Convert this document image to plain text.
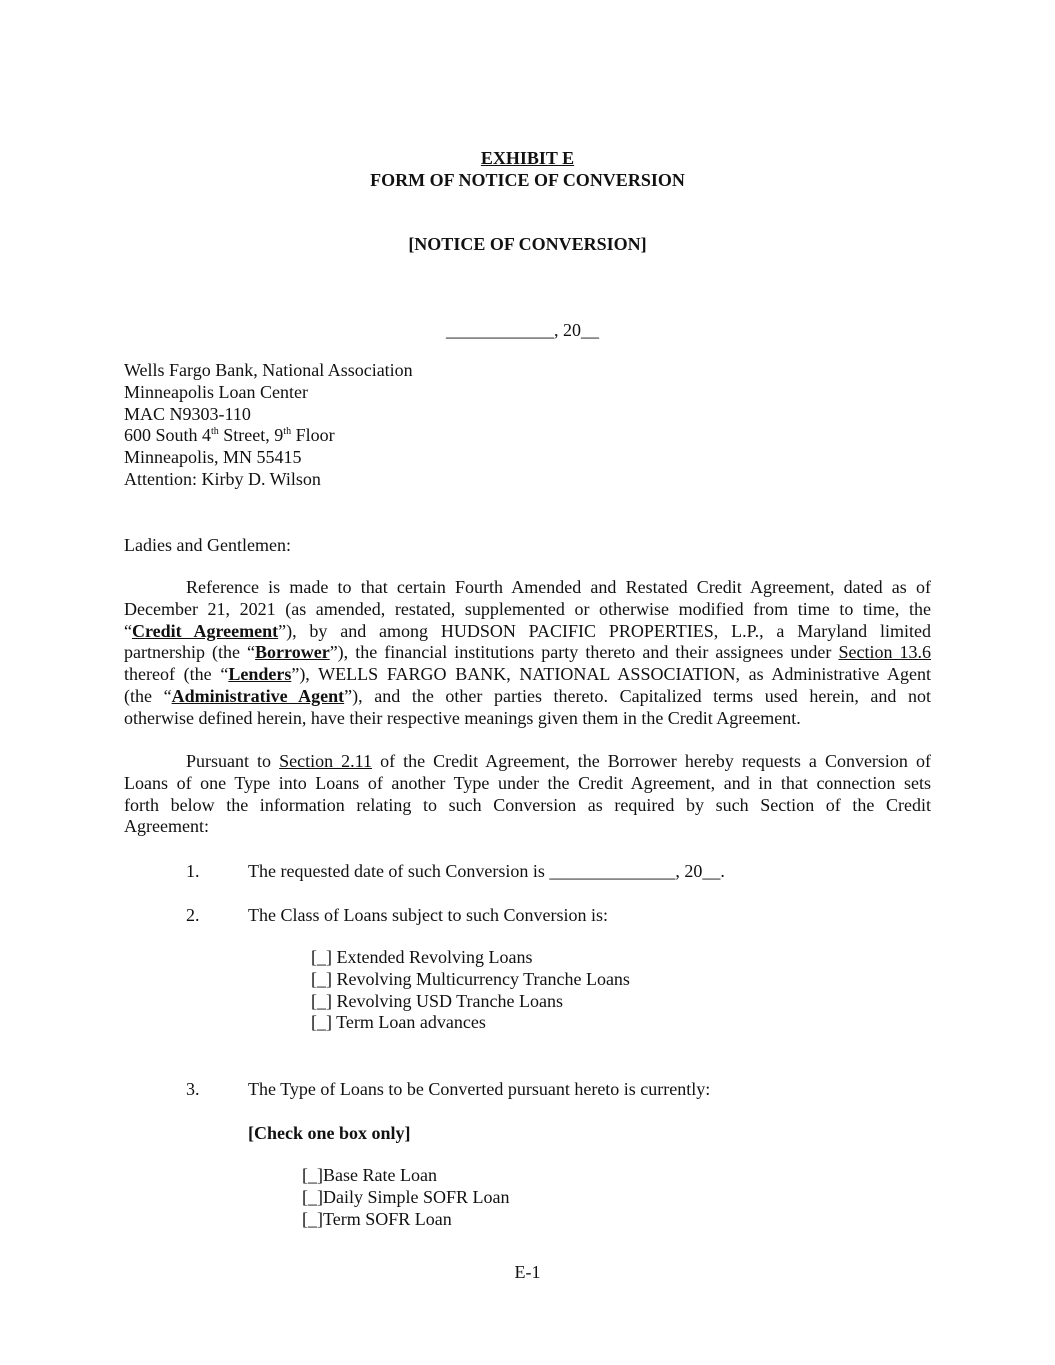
EXHIBIT E
FORM OF NOTICE OF CONVERSION
[NOTICE OF CONVERSION]
____________, 20__
Wells Fargo Bank, National Association
Minneapolis Loan Center
MAC N9303-110
600 South 4th Street, 9th Floor
Minneapolis, MN 55415
Attention: Kirby D. Wilson
Ladies and Gentlemen:
Reference is made to that certain Fourth Amended and Restated Credit Agreement, dated as of
December 21, 2021 (as amended, restated, supplemented or otherwise modified from time to time, the
“Credit Agreement”), by and among HUDSON PACIFIC PROPERTIES, L.P., a Maryland limited
partnership (the “Borrower”), the financial institutions party thereto and their assignees under Section 13.6
thereof (the “Lenders”), WELLS FARGO BANK, NATIONAL ASSOCIATION, as Administrative Agent
(the “Administrative Agent”), and the other parties thereto. Capitalized terms used herein, and not
otherwise defined herein, have their respective meanings given them in the Credit Agreement.
Pursuant to Section 2.11 of the Credit Agreement, the Borrower hereby requests a Conversion of
Loans of one Type into Loans of another Type under the Credit Agreement, and in that connection sets
forth below the information relating to such Conversion as required by such Section of the Credit
Agreement:
1.	The requested date of such Conversion is ______________, 20__.
2.	The Class of Loans subject to such Conversion is:
[_] Extended Revolving Loans
[_] Revolving Multicurrency Tranche Loans
[_] Revolving USD Tranche Loans
[_] Term Loan advances
3.	The Type of Loans to be Converted pursuant hereto is currently:
[Check one box only]
[_]Base Rate Loan
[_]Daily Simple SOFR Loan
[_]Term SOFR Loan
E-1
